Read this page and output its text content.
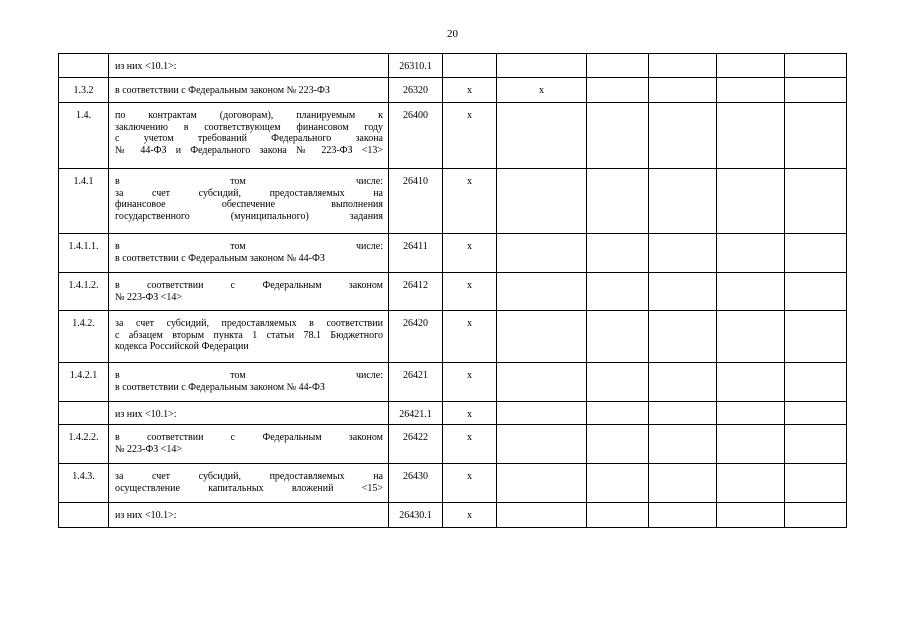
20

	из них <10.1>:	26310.1						
1.3.2	в соответствии с Федеральным законом № 223-ФЗ	26320	x	x				
1.4.	по контрактам (договорам), планируемым к
заключению в соответствующем финансовом году
с учетом требований Федерального закона
№ 44-ФЗ и Федерального закона № 223-ФЗ <13>	26400	x					
1.4.1	в том числе:
за счет субсидий, предоставляемых на
финансовое обеспечение выполнения
государственного (муниципального) задания	26410	x					
1.4.1.1.	в том числе:
в соответствии с Федеральным законом № 44-ФЗ	26411	x					
1.4.1.2.	в соответствии с Федеральным законом
№ 223-ФЗ <14>	26412	x					
1.4.2.	за счет субсидий, предоставляемых в соответствии
с абзацем вторым пункта 1 статьи 78.1 Бюджетного
кодекса Российской Федерации	26420	x					
1.4.2.1	в том числе:
в соответствии с Федеральным законом № 44-ФЗ	26421	x					

	из них <10.1>:	26421.1	x					
1.4.2.2.	в соответствии с Федеральным законом
№ 223-ФЗ <14>	26422	x					
1.4.3.	за счет субсидий, предоставляемых на
осуществление капитальных вложений <15>	26430	x					

	из них <10.1>:	26430.1	x					
